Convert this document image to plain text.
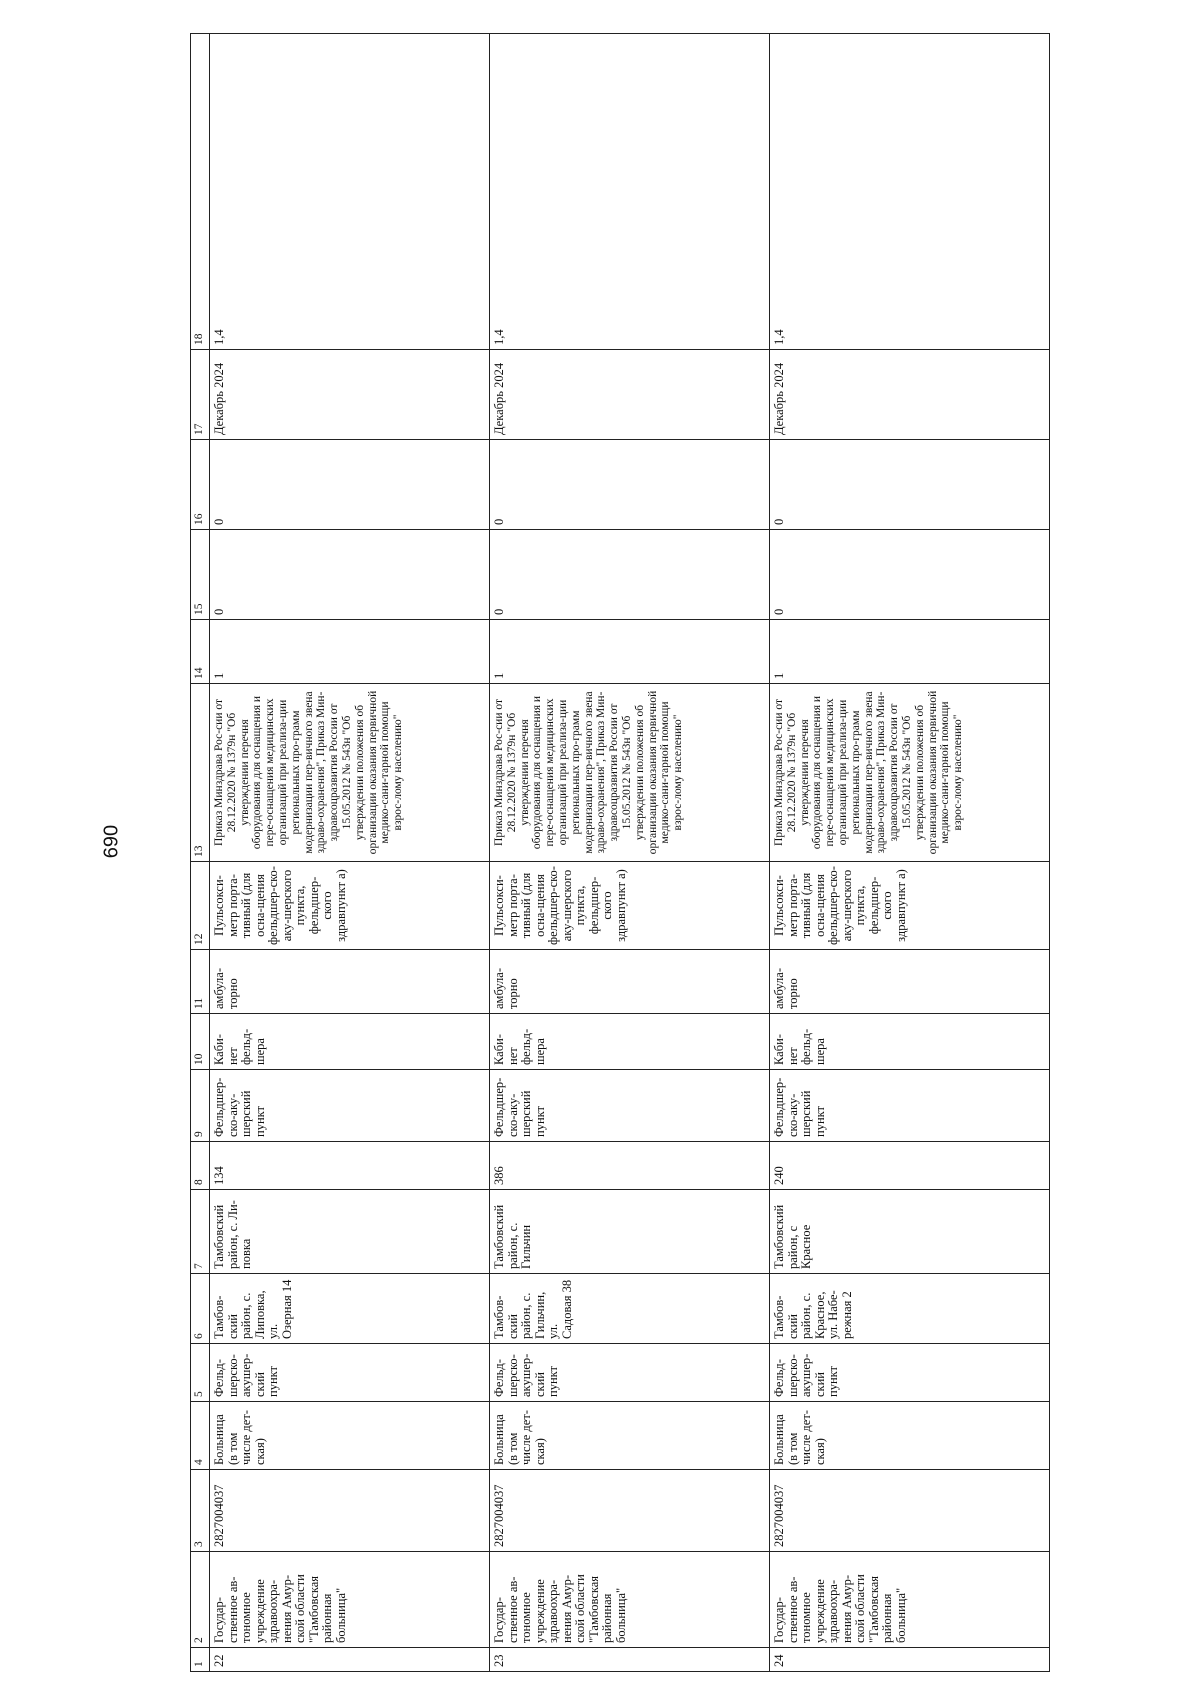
690
1	2	3	4	5	6	7	8	9	10	11	12	13	14	15	16	17	18
22	Государ-ственное ав-тономное учреждение здравоохра-нения Амур-ской области "Тамбовская районная больница"	2827004037	Больница (в том числе дет-ская)	Фельд-шерско-акушер-ский пункт	Тамбов-ский район, с. Липовка, ул. Озерная 14	Тамбовский район, с. Ли-повка	134	Фельдшер-ско-аку-шерский пункт	Каби-нет фельд-шера	амбула-торно	Пульсокси-метр порта-тивный (для осна-щения фельдшер-ско-аку-шерского пункта, фельдшер-ского здравпункт а)	Приказ Минздрава Рос-сии от 28.12.2020 № 1379н "Об утверждении перечня оборудования для оснащения и пере-оснащения медицинских организаций при реализа-ции региональных про-грамм модернизации пер-вичного звена здраво-охранения", Приказ Мин-здравсоцразвития России от 15.05.2012 № 543н "Об утверждении положения об организации оказания первичной медико-сани-тарной помощи взрос-лому населению"	1	0	0	Декабрь 2024	1,4
23	Государ-ственное ав-тономное учреждение здравоохра-нения Амур-ской области "Тамбовская районная больница"	2827004037	Больница (в том числе дет-ская)	Фельд-шерско-акушер-ский пункт	Тамбов-ский район, с. Гильчин, ул. Садовая 38	Тамбовский район, с. Гильчин	386	Фельдшер-ско-аку-шерский пункт	Каби-нет фельд-шера	амбула-торно	Пульсокси-метр порта-тивный (для осна-щения фельдшер-ско-аку-шерского пункта, фельдшер-ского здравпункт а)	Приказ Минздрава Рос-сии от 28.12.2020 № 1379н "Об утверждении перечня оборудования для оснащения и пере-оснащения медицинских организаций при реализа-ции региональных про-грамм модернизации пер-вичного звена здраво-охранения", Приказ Мин-здравсоцразвития России от 15.05.2012 № 543н "Об утверждении положения об организации оказания первичной медико-сани-тарной помощи взрос-лому населению"	1	0	0	Декабрь 2024	1,4
24	Государ-ственное ав-тономное учреждение здравоохра-нения Амур-ской области "Тамбовская районная больница"	2827004037	Больница (в том числе дет-ская)	Фельд-шерско-акушер-ский пункт	Тамбов-ский район, с. Красное, ул. Набе-режная 2	Тамбовский район, с Красное	240	Фельдшер-ско-аку-шерский пункт	Каби-нет фельд-шера	амбула-торно	Пульсокси-метр порта-тивный (для осна-щения фельдшер-ско-аку-шерского пункта, фельдшер-ского здравпункт а)	Приказ Минздрава Рос-сии от 28.12.2020 № 1379н "Об утверждении перечня оборудования для оснащения и пере-оснащения медицинских организаций при реализа-ции региональных про-грамм модернизации пер-вичного звена здраво-охранения", Приказ Мин-здравсоцразвития России от 15.05.2012 № 543н "Об утверждении положения об организации оказания первичной медико-сани-тарной помощи взрос-лому населению"	1	0	0	Декабрь 2024	1,4
